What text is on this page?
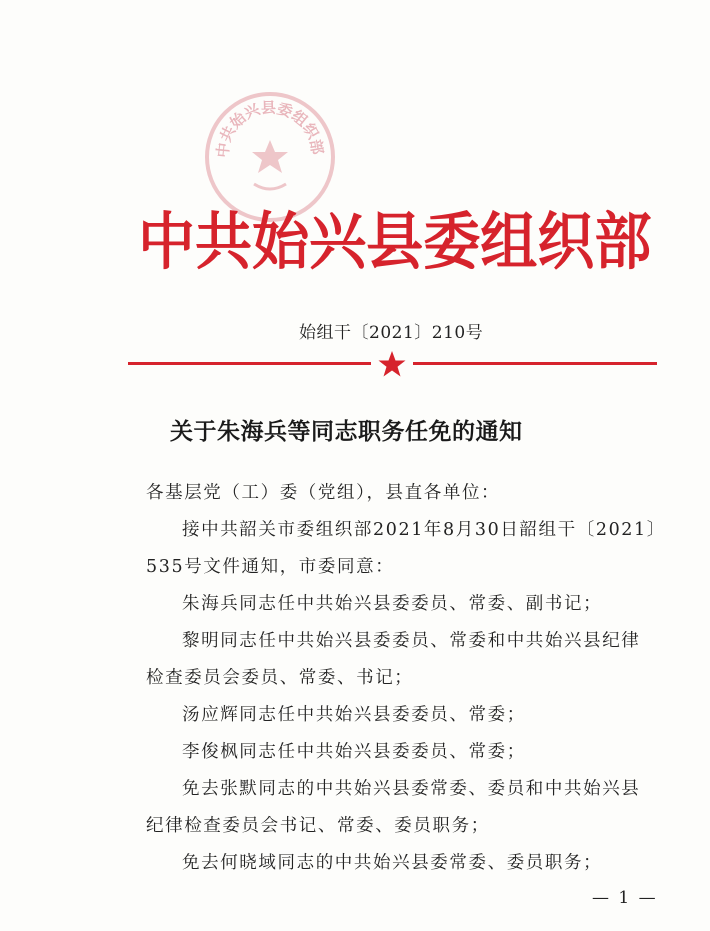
中共始兴县委组织部
中共始兴县委组织部
始组干〔2021〕210号
关于朱海兵等同志职务任免的通知
各基层党（工）委（党组），县直各单位：
接中共韶关市委组织部2021年8月30日韶组干〔2021〕
535号文件通知，市委同意：
朱海兵同志任中共始兴县委委员、常委、副书记；
黎明同志任中共始兴县委委员、常委和中共始兴县纪律
检查委员会委员、常委、书记；
汤应辉同志任中共始兴县委委员、常委；
李俊枫同志任中共始兴县委委员、常委；
免去张默同志的中共始兴县委常委、委员和中共始兴县
纪律检查委员会书记、常委、委员职务；
免去何晓域同志的中共始兴县委常委、委员职务；
— 1 —
